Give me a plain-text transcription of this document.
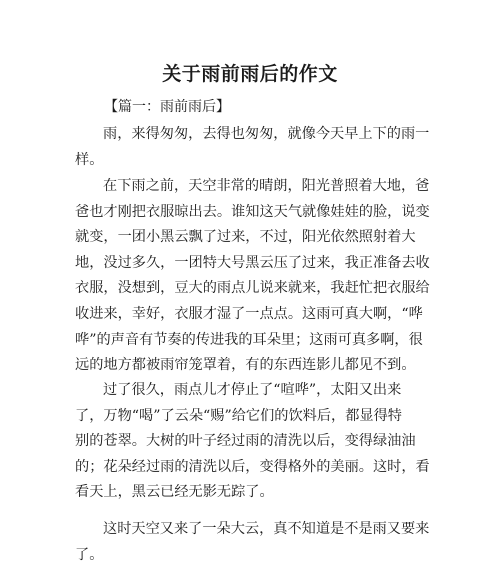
关于雨前雨后的作文
【篇一：雨前雨后】
雨，来得匆匆，去得也匆匆，就像今天早上下的雨一
样。
在下雨之前，天空非常的晴朗，阳光普照着大地，爸
爸也才刚把衣服晾出去。谁知这天气就像娃娃的脸，说变
就变，一团小黑云飘了过来，不过，阳光依然照射着大
地，没过多久，一团特大号黑云压了过来，我正准备去收
衣服，没想到，豆大的雨点儿说来就来，我赶忙把衣服给
收进来，幸好，衣服才湿了一点点。这雨可真大啊，“哗
哗”的声音有节奏的传进我的耳朵里；这雨可真多啊，很
远的地方都被雨帘笼罩着，有的东西连影儿都见不到。
过了很久，雨点儿才停止了“喧哗”，太阳又出来
了，万物“喝”了云朵“赐”给它们的饮料后，都显得特
别的苍翠。大树的叶子经过雨的清洗以后，变得绿油油
的；花朵经过雨的清洗以后，变得格外的美丽。这时，看
看天上，黑云已经无影无踪了。
这时天空又来了一朵大云，真不知道是不是雨又要来
了。
